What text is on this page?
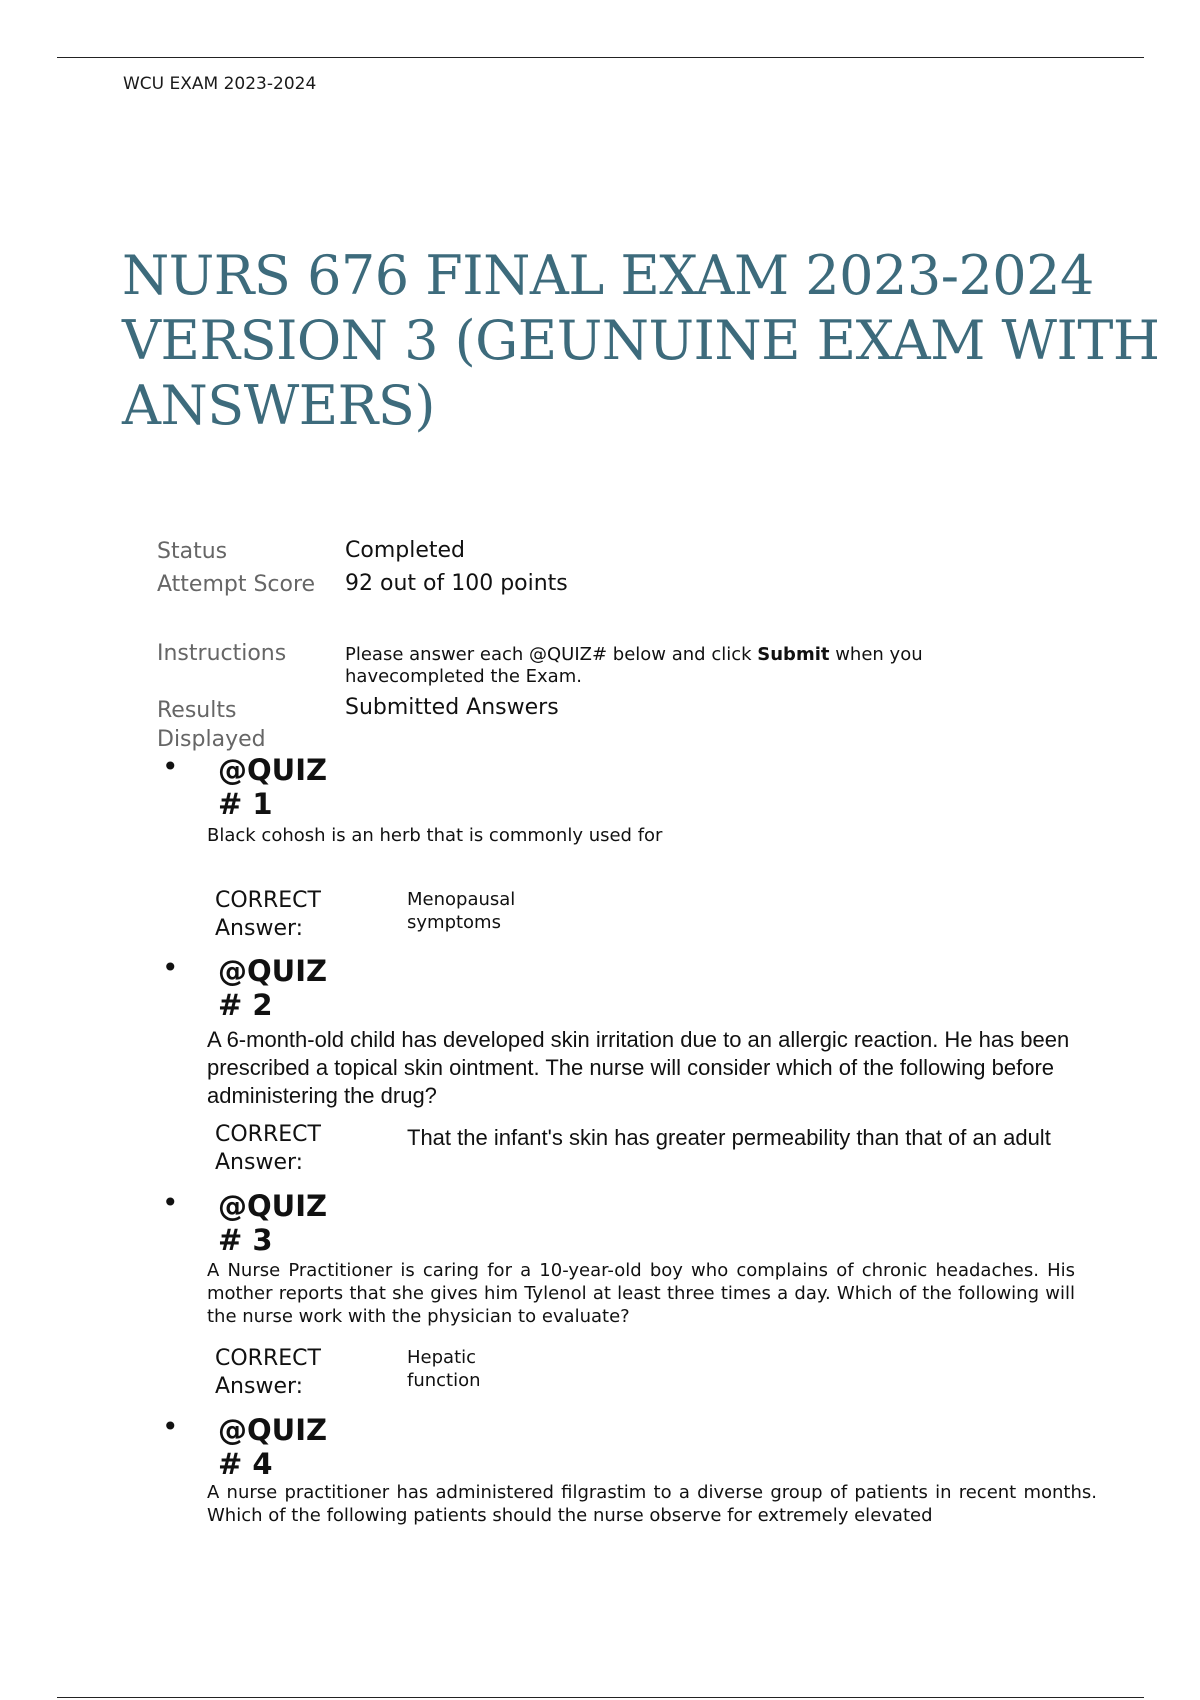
WCU EXAM 2023-2024
NURS 676 FINAL EXAM 2023-2024 VERSION 3 (GEUNUINE EXAM WITH ANSWERS)
Status	Completed
Attempt Score 92 out of 100 points
Instructions	Please answer each @QUIZ# below and click Submit when you havecompleted the Exam.
Results Displayed
Submitted Answers
• @QUIZ
# 1
Black cohosh is an herb that is commonly used for
CORRECT Answer:
Menopausal symptoms
• @QUIZ
# 2
A 6-month-old child has developed skin irritation due to an allergic reaction. He has been prescribed a topical skin ointment. The nurse will consider which of the following before administering the drug?
CORRECT Answer:
That the infant's skin has greater permeability than that of an adult
• @QUIZ
# 3
A Nurse Practitioner is caring for a 10-year-old boy who complains of chronic headaches. His mother reports that she gives him Tylenol at least three times a day. Which of the following will the nurse work with the physician to evaluate?
CORRECT Answer:
Hepatic function
• @QUIZ
# 4
A nurse practitioner has administered filgrastim to a diverse group of patients in recent months. Which of the following patients should the nurse observe for extremely elevated
